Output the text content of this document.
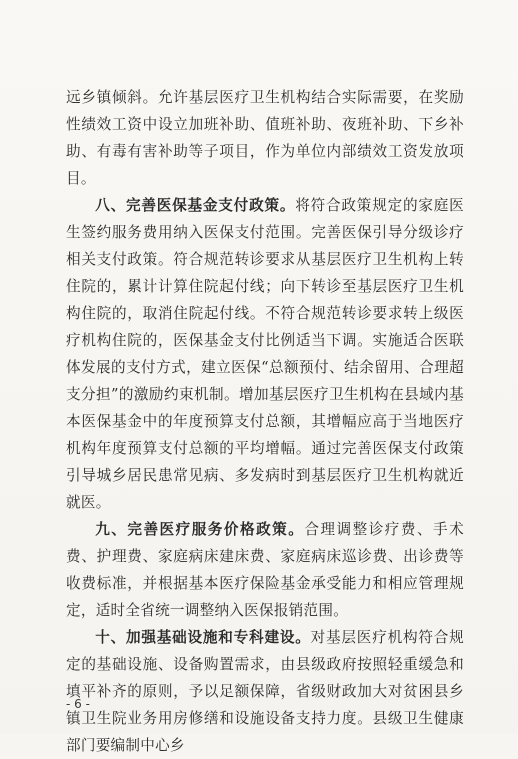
远乡镇倾斜。允许基层医疗卫生机构结合实际需要，在奖励性绩效工资中设立加班补助、值班补助、夜班补助、下乡补助、有毒有害补助等子项目，作为单位内部绩效工资发放项目。

八、完善医保基金支付政策。将符合政策规定的家庭医生签约服务费用纳入医保支付范围。完善医保引导分级诊疗相关支付政策。符合规范转诊要求从基层医疗卫生机构上转住院的，累计计算住院起付线；向下转诊至基层医疗卫生机构住院的，取消住院起付线。不符合规范转诊要求转上级医疗机构住院的，医保基金支付比例适当下调。实施适合医联体发展的支付方式，建立医保“总额预付、结余留用、合理超支分担”的激励约束机制。增加基层医疗卫生机构在县域内基本医保基金中的年度预算支付总额，其增幅应高于当地医疗机构年度预算支付总额的平均增幅。通过完善医保支付政策引导城乡居民患常见病、多发病时到基层医疗卫生机构就近就医。

九、完善医疗服务价格政策。合理调整诊疗费、手术费、护理费、家庭病床建床费、家庭病床巡诊费、出诊费等收费标准，并根据基本医疗保险基金承受能力和相应管理规定，适时全省统一调整纳入医保报销范围。

十、加强基础设施和专科建设。对基层医疗机构符合规定的基础设施、设备购置需求，由县级政府按照轻重缓急和填平补齐的原则，予以足额保障，省级财政加大对贫困县乡镇卫生院业务用房修缮和设施设备支持力度。县级卫生健康部门要编制中心乡

- 6 -
